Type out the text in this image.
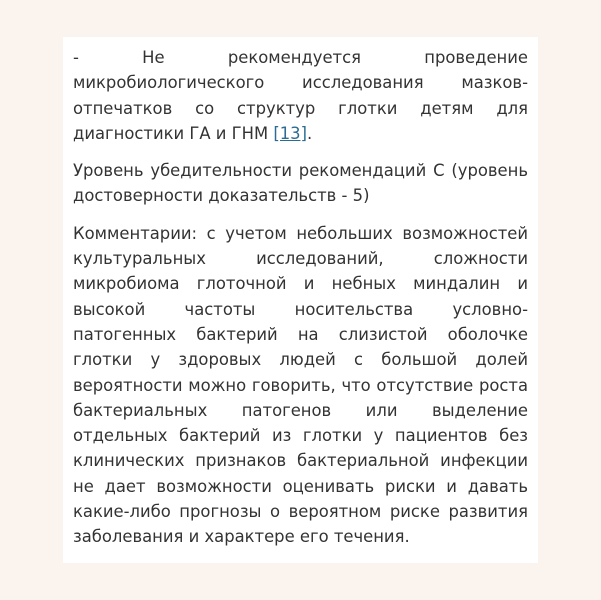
- Не рекомендуется проведение микробиологического исследования мазков-отпечатков со структур глотки детям для диагностики ГА и ГНМ [13].

Уровень убедительности рекомендаций С (уровень достоверности доказательств - 5)

Комментарии: с учетом небольших возможностей культуральных исследований, сложности микробиома глоточной и небных миндалин и высокой частоты носительства условно-патогенных бактерий на слизистой оболочке глотки у здоровых людей с большой долей вероятности можно говорить, что отсутствие роста бактериальных патогенов или выделение отдельных бактерий из глотки у пациентов без клинических признаков бактериальной инфекции не дает возможности оценивать риски и давать какие-либо прогнозы о вероятном риске развития заболевания и характере его течения.
